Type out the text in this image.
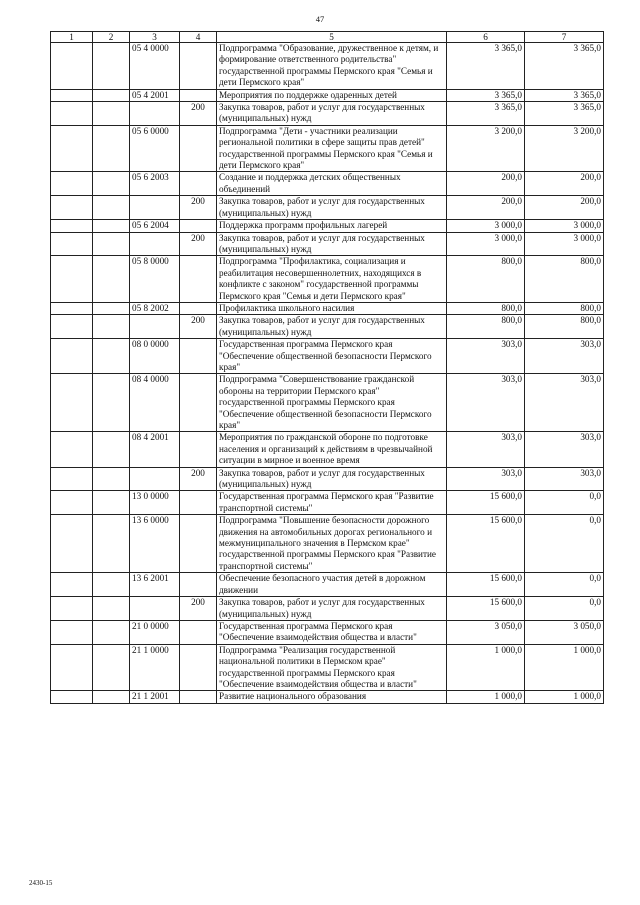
47
1	2	3	4	5	6	7
		05 4 0000		Подпрограмма "Образование, дружественное к детям, и формирование ответственного родительства" государственной программы Пермского края "Семья и дети Пермского края"	3 365,0	3 365,0
		05 4 2001		Мероприятия по поддержке одаренных детей	3 365,0	3 365,0
			200	Закупка товаров, работ и услуг для государственных (муниципальных) нужд	3 365,0	3 365,0
		05 6 0000		Подпрограмма "Дети - участники реализации региональной политики в сфере защиты прав детей" государственной программы Пермского края "Семья и дети Пермского края"	3 200,0	3 200,0
		05 6 2003		Создание и поддержка детских общественных объединений	200,0	200,0
			200	Закупка товаров, работ и услуг для государственных (муниципальных) нужд	200,0	200,0
		05 6 2004		Поддержка программ профильных лагерей	3 000,0	3 000,0
			200	Закупка товаров, работ и услуг для государственных (муниципальных) нужд	3 000,0	3 000,0
		05 8 0000		Подпрограмма "Профилактика, социализация и реабилитация несовершеннолетних, находящихся в конфликте с законом" государственной программы Пермского края "Семья и дети Пермского края"	800,0	800,0
		05 8 2002		Профилактика школьного насилия	800,0	800,0
			200	Закупка товаров, работ и услуг для государственных (муниципальных) нужд	800,0	800,0
		08 0 0000		Государственная программа Пермского края "Обеспечение общественной безопасности Пермского края"	303,0	303,0
		08 4 0000		Подпрограмма "Совершенствование гражданской обороны на территории Пермского края" государственной программы Пермского края "Обеспечение общественной безопасности Пермского края"	303,0	303,0
		08 4 2001		Мероприятия по гражданской обороне по подготовке населения и организаций к действиям в чрезвычайной ситуации в мирное и военное время	303,0	303,0
			200	Закупка товаров, работ и услуг для государственных (муниципальных) нужд	303,0	303,0
		13 0 0000		Государственная программа Пермского края "Развитие транспортной системы"	15 600,0	0,0
		13 6 0000		Подпрограмма "Повышение безопасности дорожного движения на автомобильных дорогах регионального и межмуниципального значения в Пермском крае" государственной программы Пермского края "Развитие транспортной системы"	15 600,0	0,0
		13 6 2001		Обеспечение безопасного участия детей в дорожном движении	15 600,0	0,0
			200	Закупка товаров, работ и услуг для государственных (муниципальных) нужд	15 600,0	0,0
		21 0 0000		Государственная программа Пермского края "Обеспечение взаимодействия общества и власти"	3 050,0	3 050,0
		21 1 0000		Подпрограмма "Реализация государственной национальной политики в Пермском крае" государственной программы Пермского края "Обеспечение взаимодействия общества и власти"	1 000,0	1 000,0
		21 1 2001		Развитие национального образования	1 000,0	1 000,0
2430-15
